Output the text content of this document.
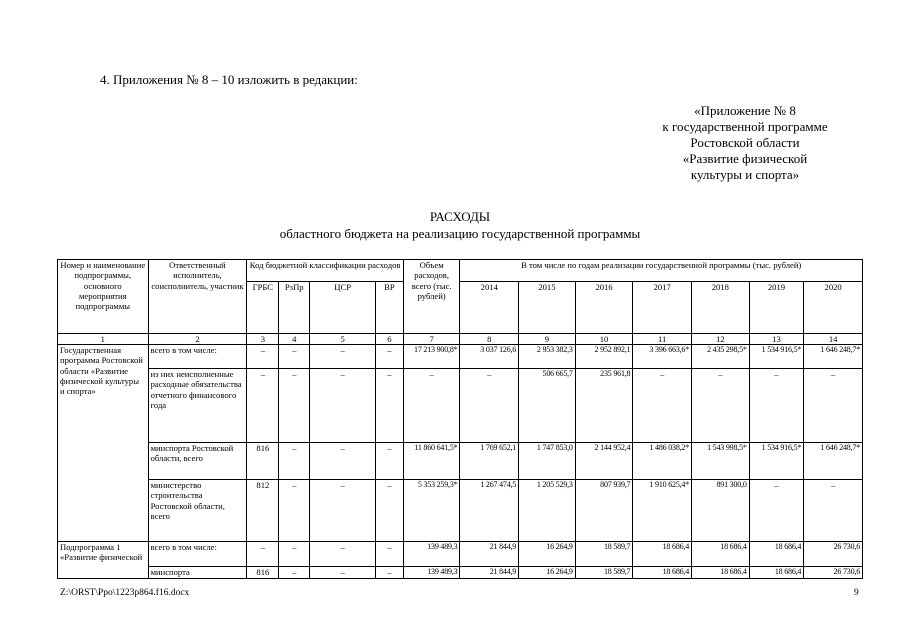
4. Приложения № 8 – 10 изложить в редакции:
«Приложение № 8
к государственной программе
Ростовской области
«Развитие физической
культуры и спорта»
РАСХОДЫ
областного бюджета на реализацию государственной программы
Номер и наименование подпрограммы, основного мероприятия подпрограммы	Ответственный исполнитель, соисполнитель, участник	Код бюджетной классификации расходов				Объем расходов, всего (тыс. рублей)	В том числе по годам реализации государственной программы (тыс. рублей)						
		ГРБС	РзПр	ЦСР	ВР		2014	2015	2016	2017	2018	2019	2020
1	2	3	4	5	6	7	8	9	10	11	12	13	14
Государственная программа Ростовской области «Развитие физической культуры и спорта»	всего в том числе:	–	–	–	–	17 213 900,8*	3 037 126,6	2 953 382,3	2 952 892,1	3 396 663,6*	2 435 298,5*	1 534 916,5*	1 646 248,7*
	из них неисполненные расходные обязательства отчетного финансового года	–	–	–	–	–	–	506 665,7	235 961,8	–	–	–	–
	минспорта Ростовской области, всего	816	–	–	–	11 860 641,5*	1 769 652,1	1 747 853,0	2 144 952,4	1 486 038,2*	1 543 998,5*	1 534 916,5*	1 646 248,7*
	министерство строительства Ростовской области, всего	812	–	–	–	5 353 259,3*	1 267 474,5	1 205 529,3	807 939,7	1 910 625,4*	891 300,0	–	–
Подпрограмма 1 «Развитие физической	всего в том числе:	–	–	–	–	139 489,3	21 844,9	16 264,9	18 589,7	18 686,4	18 686,4	18 686,4	26 730,6
	минспорта	816	–	–	–	139 489,3	21 844,9	16 264,9	18 589,7	18 686,4	18 686,4	18 686,4	26 730,6
Z:\ORST\Ppo\1223p864.f16.docx	9
